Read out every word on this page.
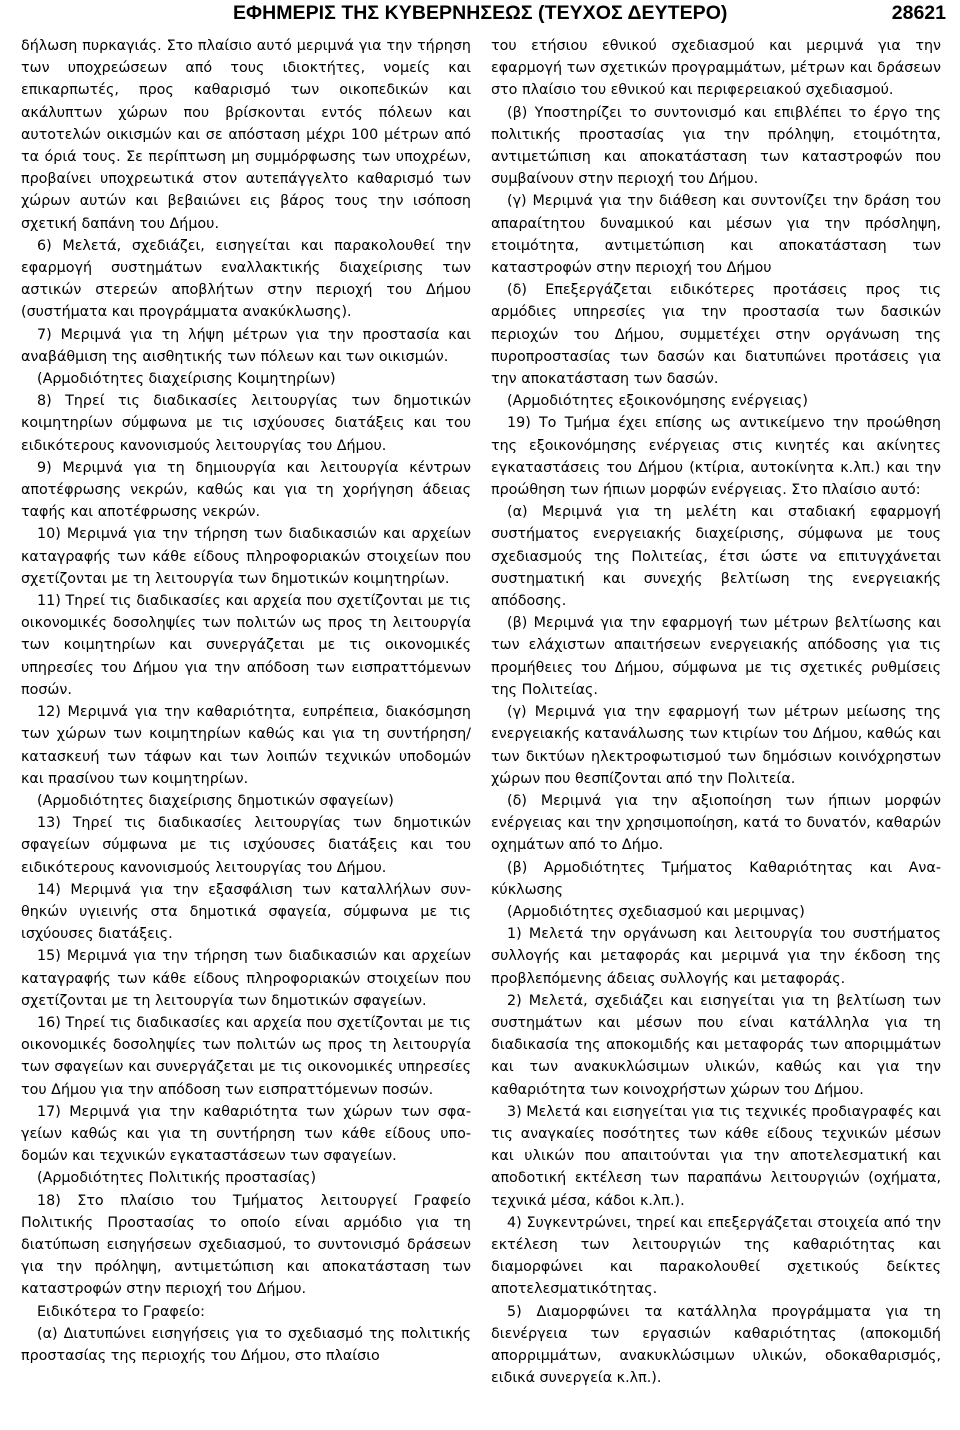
ΕΦΗΜΕΡΙΣ ΤΗΣ ΚΥΒΕΡΝΗΣΕΩΣ (ΤΕΥΧΟΣ ΔΕΥΤΕΡΟ)	28621

δήλωση πυρκαγιάς. Στο πλαίσιο αυτό μεριμνά για την τήρηση των υποχρεώσεων από τους ιδιοκτήτες, νομείς και επικαρπωτές, προς καθαρισμό των οικοπεδικών και ακάλυπτων χώρων που βρίσκονται εντός πόλεων και αυτοτελών οικισμών και σε απόσταση μέχρι 100 μέτρων από τα όριά τους. Σε περίπτωση μη συμμόρφωσης των υποχρέων, προβαίνει υποχρεωτικά στον αυτεπάγγελτο καθαρισμό των χώρων αυτών και βεβαιώνει εις βάρος τους την ισόποση σχετική δαπάνη του Δήμου.

6) Μελετά, σχεδιάζει, εισηγείται και παρακολουθεί την εφαρμογή συστημάτων εναλλακτικής διαχείρισης των αστικών στερεών αποβλήτων στην περιοχή του Δήμου (συστήματα και προγράμματα ανακύκλωσης).

7) Μεριμνά για τη λήψη μέτρων για την προστασία και αναβάθμιση της αισθητικής των πόλεων και των οικισμών.

(Αρμοδιότητες διαχείρισης Κοιμητηρίων)

8) Τηρεί τις διαδικασίες λειτουργίας των δημοτικών κοιμητηρίων σύμφωνα με τις ισχύουσες διατάξεις και του ειδικότερους κανονισμούς λειτουργίας του Δήμου.

9) Μεριμνά για τη δημιουργία και λειτουργία κέντρων αποτέφρωσης νεκρών, καθώς και για τη χορήγηση άδειας ταφής και αποτέφρωσης νεκρών.

10) Μεριμνά για την τήρηση των διαδικασιών και αρχείων καταγραφής των κάθε είδους πληροφοριακών στοιχείων που σχετίζονται με τη λειτουργία των δημοτικών κοιμητηρίων.

11) Τηρεί τις διαδικασίες και αρχεία που σχετίζονται με τις οικονομικές δοσοληψίες των πολιτών ως προς τη λειτουργία των κοιμητηρίων και συνεργάζεται με τις οικονομικές υπηρεσίες του Δήμου για την απόδοση των εισπραττόμενων ποσών.

12) Μεριμνά για την καθαριότητα, ευπρέπεια, διακόσμηση των χώρων των κοιμητηρίων καθώς και για τη συντήρηση/κατασκευή των τάφων και των λοιπών τεχνικών υποδομών και πρασίνου των κοιμητηρίων.

(Αρμοδιότητες διαχείρισης δημοτικών σφαγείων)

13) Τηρεί τις διαδικασίες λειτουργίας των δημοτικών σφαγείων σύμφωνα με τις ισχύουσες διατάξεις και του ειδικότερους κανονισμούς λειτουργίας του Δήμου.

14) Μεριμνά για την εξασφάλιση των καταλλήλων συνθηκών υγιεινής στα δημοτικά σφαγεία, σύμφωνα με τις ισχύουσες διατάξεις.

15) Μεριμνά για την τήρηση των διαδικασιών και αρχείων καταγραφής των κάθε είδους πληροφοριακών στοιχείων που σχετίζονται με τη λειτουργία των δημοτικών σφαγείων.

16) Τηρεί τις διαδικασίες και αρχεία που σχετίζονται με τις οικονομικές δοσοληψίες των πολιτών ως προς τη λειτουργία των σφαγείων και συνεργάζεται με τις οικονομικές υπηρεσίες του Δήμου για την απόδοση των εισπραττόμενων ποσών.

17) Μεριμνά για την καθαριότητα των χώρων των σφαγείων καθώς και για τη συντήρηση των κάθε είδους υποδομών και τεχνικών εγκαταστάσεων των σφαγείων.

(Αρμοδιότητες Πολιτικής προστασίας)

18) Στο πλαίσιο του Τμήματος λειτουργεί Γραφείο Πολιτικής Προστασίας το οποίο είναι αρμόδιο για τη διατύπωση εισηγήσεων σχεδιασμού, το συντονισμό δράσεων για την πρόληψη, αντιμετώπιση και αποκατάσταση των καταστροφών στην περιοχή του Δήμου.

Ειδικότερα το Γραφείο:

(α) Διατυπώνει εισηγήσεις για το σχεδιασμό της πολιτικής προστασίας της περιοχής του Δήμου, στο πλαίσιο

του ετήσιου εθνικού σχεδιασμού και μεριμνά για την εφαρμογή των σχετικών προγραμμάτων, μέτρων και δράσεων στο πλαίσιο του εθνικού και περιφερειακού σχεδιασμού.

(β) Υποστηρίζει το συντονισμό και επιβλέπει το έργο της πολιτικής προστασίας για την πρόληψη, ετοιμότητα, αντιμετώπιση και αποκατάσταση των καταστροφών που συμβαίνουν στην περιοχή του Δήμου.

(γ) Μεριμνά για την διάθεση και συντονίζει την δράση του απαραίτητου δυναμικού και μέσων για την πρόσληψη, ετοιμότητα, αντιμετώπιση και αποκατάσταση των καταστροφών στην περιοχή του Δήμου

(δ) Επεξεργάζεται ειδικότερες προτάσεις προς τις αρμόδιες υπηρεσίες για την προστασία των δασικών περιοχών του Δήμου, συμμετέχει στην οργάνωση της πυροπροστασίας των δασών και διατυπώνει προτάσεις για την αποκατάσταση των δασών.

(Αρμοδιότητες εξοικονόμησης ενέργειας)

19) Το Τμήμα έχει επίσης ως αντικείμενο την προώθηση της εξοικονόμησης ενέργειας στις κινητές και ακίνητες εγκαταστάσεις του Δήμου (κτίρια, αυτοκίνητα κ.λπ.) και την προώθηση των ήπιων μορφών ενέργειας. Στο πλαίσιο αυτό:

(α) Μεριμνά για τη μελέτη και σταδιακή εφαρμογή συστήματος ενεργειακής διαχείρισης, σύμφωνα με τους σχεδιασμούς της Πολιτείας, έτσι ώστε να επιτυγχάνεται συστηματική και συνεχής βελτίωση της ενεργειακής απόδοσης.

(β) Μεριμνά για την εφαρμογή των μέτρων βελτίωσης και των ελάχιστων απαιτήσεων ενεργειακής απόδοσης για τις προμήθειες του Δήμου, σύμφωνα με τις σχετικές ρυθμίσεις της Πολιτείας.

(γ) Μεριμνά για την εφαρμογή των μέτρων μείωσης της ενεργειακής κατανάλωσης των κτιρίων του Δήμου, καθώς και των δικτύων ηλεκτροφωτισμού των δημόσιων κοινόχρηστων χώρων που θεσπίζονται από την Πολιτεία.

(δ) Μεριμνά για την αξιοποίηση των ήπιων μορφών ενέργειας και την χρησιμοποίηση, κατά το δυνατόν, καθαρών οχημάτων από το Δήμο.

(β) Αρμοδιότητες Τμήματος Καθαριότητας και Ανακύκλωσης

(Αρμοδιότητες σχεδιασμού και μεριμνας)

1) Μελετά την οργάνωση και λειτουργία του συστήματος συλλογής και μεταφοράς και μεριμνά για την έκδοση της προβλεπόμενης άδειας συλλογής και μεταφοράς.

2) Μελετά, σχεδιάζει και εισηγείται για τη βελτίωση των συστημάτων και μέσων που είναι κατάλληλα για τη διαδικασία της αποκομιδής και μεταφοράς των αποριμμάτων και των ανακυκλώσιμων υλικών, καθώς και για την καθαριότητα των κοινοχρήστων χώρων του Δήμου.

3) Μελετά και εισηγείται για τις τεχνικές προδιαγραφές και τις αναγκαίες ποσότητες των κάθε είδους τεχνικών μέσων και υλικών που απαιτούνται για την αποτελεσματική και αποδοτική εκτέλεση των παραπάνω λειτουργιών (οχήματα, τεχνικά μέσα, κάδοι κ.λπ.).

4) Συγκεντρώνει, τηρεί και επεξεργάζεται στοιχεία από την εκτέλεση των λειτουργιών της καθαριότητας και διαμορφώνει και παρακολουθεί σχετικούς δείκτες αποτελεσματικότητας.

5) Διαμορφώνει τα κατάλληλα προγράμματα για τη διενέργεια των εργασιών καθαριότητας (αποκομιδή απορριμμάτων, ανακυκλώσιμων υλικών, οδοκαθαρισμός, ειδικά συνεργεία κ.λπ.).
